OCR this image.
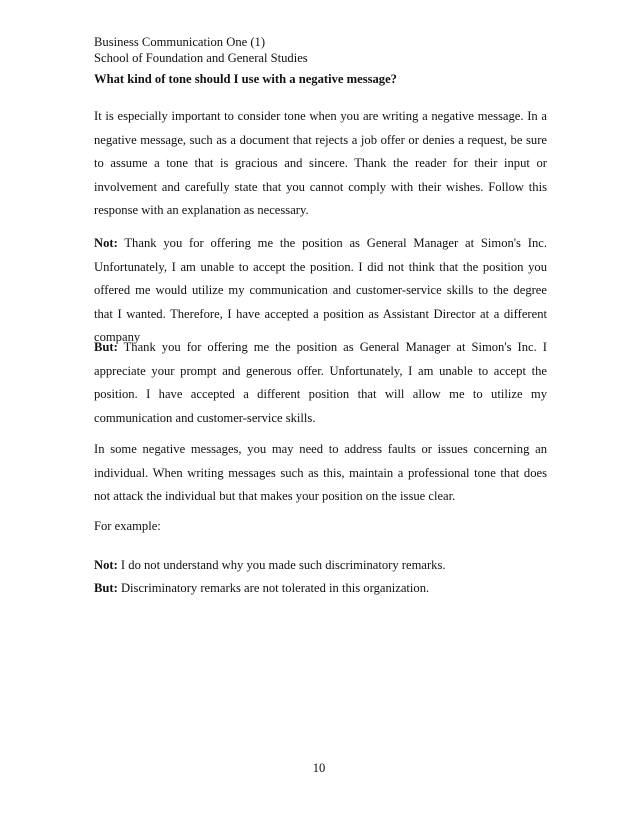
Business Communication One (1)
School of Foundation and General Studies
What kind of tone should I use with a negative message?

It is especially important to consider tone when you are writing a negative message. In a negative message, such as a document that rejects a job offer or denies a request, be sure to assume a tone that is gracious and sincere. Thank the reader for their input or involvement and carefully state that you cannot comply with their wishes. Follow this response with an explanation as necessary.

Not: Thank you for offering me the position as General Manager at Simon's Inc. Unfortunately, I am unable to accept the position. I did not think that the position you offered me would utilize my communication and customer-service skills to the degree that I wanted. Therefore, I have accepted a position as Assistant Director at a different company

But: Thank you for offering me the position as General Manager at Simon's Inc. I appreciate your prompt and generous offer. Unfortunately, I am unable to accept the position. I have accepted a different position that will allow me to utilize my communication and customer-service skills.

In some negative messages, you may need to address faults or issues concerning an individual. When writing messages such as this, maintain a professional tone that does not attack the individual but that makes your position on the issue clear.

For example:

Not: I do not understand why you made such discriminatory remarks.

But: Discriminatory remarks are not tolerated in this organization.

10
